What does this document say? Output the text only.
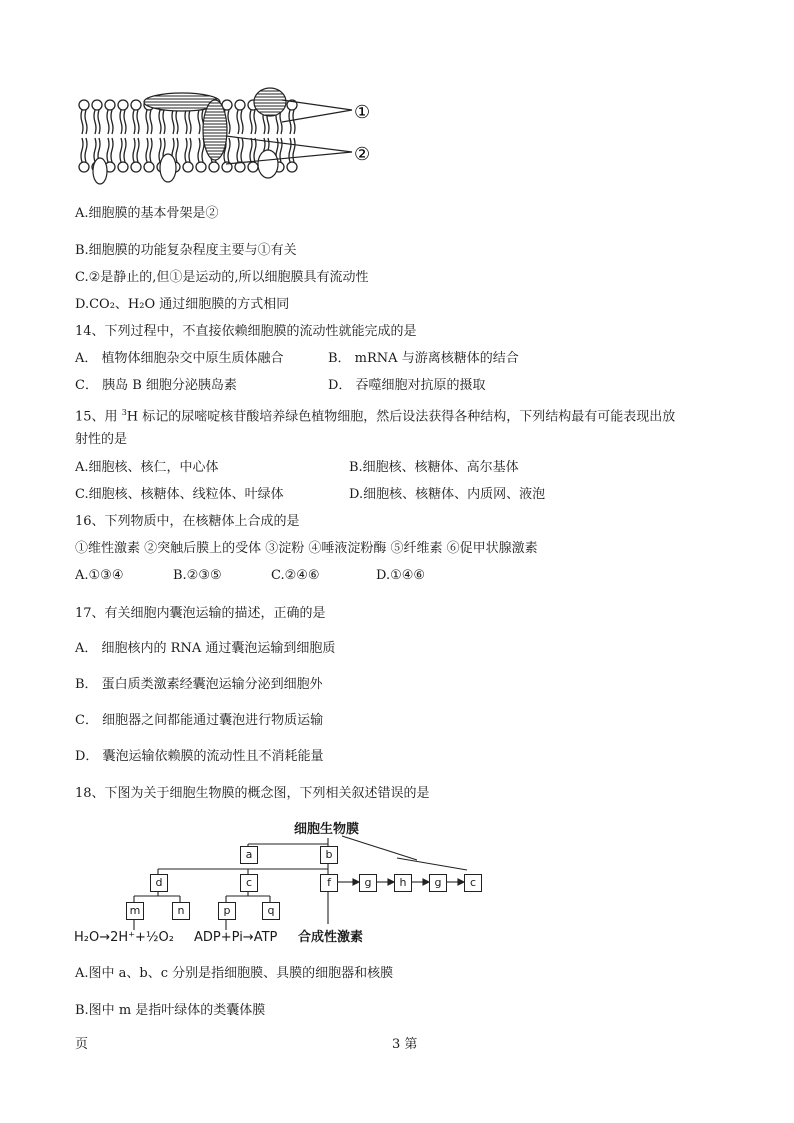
①
②
A.细胞膜的基本骨架是②
B.细胞膜的功能复杂程度主要与①有关
C.②是静止的,但①是运动的,所以细胞膜具有流动性
D.CO₂、H₂O 通过细胞膜的方式相同
14、下列过程中，不直接依赖细胞膜的流动性就能完成的是
A． 植物体细胞杂交中原生质体融合	B． mRNA 与游离核糖体的结合
C． 胰岛 B 细胞分泌胰岛素	D． 吞噬细胞对抗原的摄取
15、用 $^3$H 标记的尿嘧啶核苷酸培养绿色植物细胞，然后设法获得各种结构，下列结构最有可能表现出放
射性的是
A.细胞核、核仁，中心体	B.细胞核、核糖体、高尔基体
C.细胞核、核糖体、线粒体、叶绿体	D.细胞核、核糖体、内质网、液泡
16、下列物质中，在核糖体上合成的是
①维性激素 ②突触后膜上的受体 ③淀粉 ④唾液淀粉酶 ⑤纤维素 ⑥促甲状腺激素
A.①③④	B.②③⑤	C.②④⑥	D.①④⑥
17、有关细胞内囊泡运输的描述，正确的是
A． 细胞核内的 RNA 通过囊泡运输到细胞质
B． 蛋白质类激素经囊泡运输分泌到细胞外
C． 细胞器之间都能通过囊泡进行物质运输
D． 囊泡运输依赖膜的流动性且不消耗能量
18、下图为关于细胞生物膜的概念图，下列相关叙述错误的是
细胞生物膜
a	b
d	c	f	g	h	g	c
m	n	p	q
H₂O→2H⁺+½O₂ ADP+Pi→ATP 合成性激素
A.图中 a、b、c 分别是指细胞膜、具膜的细胞器和核膜
B.图中 m 是指叶绿体的类囊体膜
页	3 第
